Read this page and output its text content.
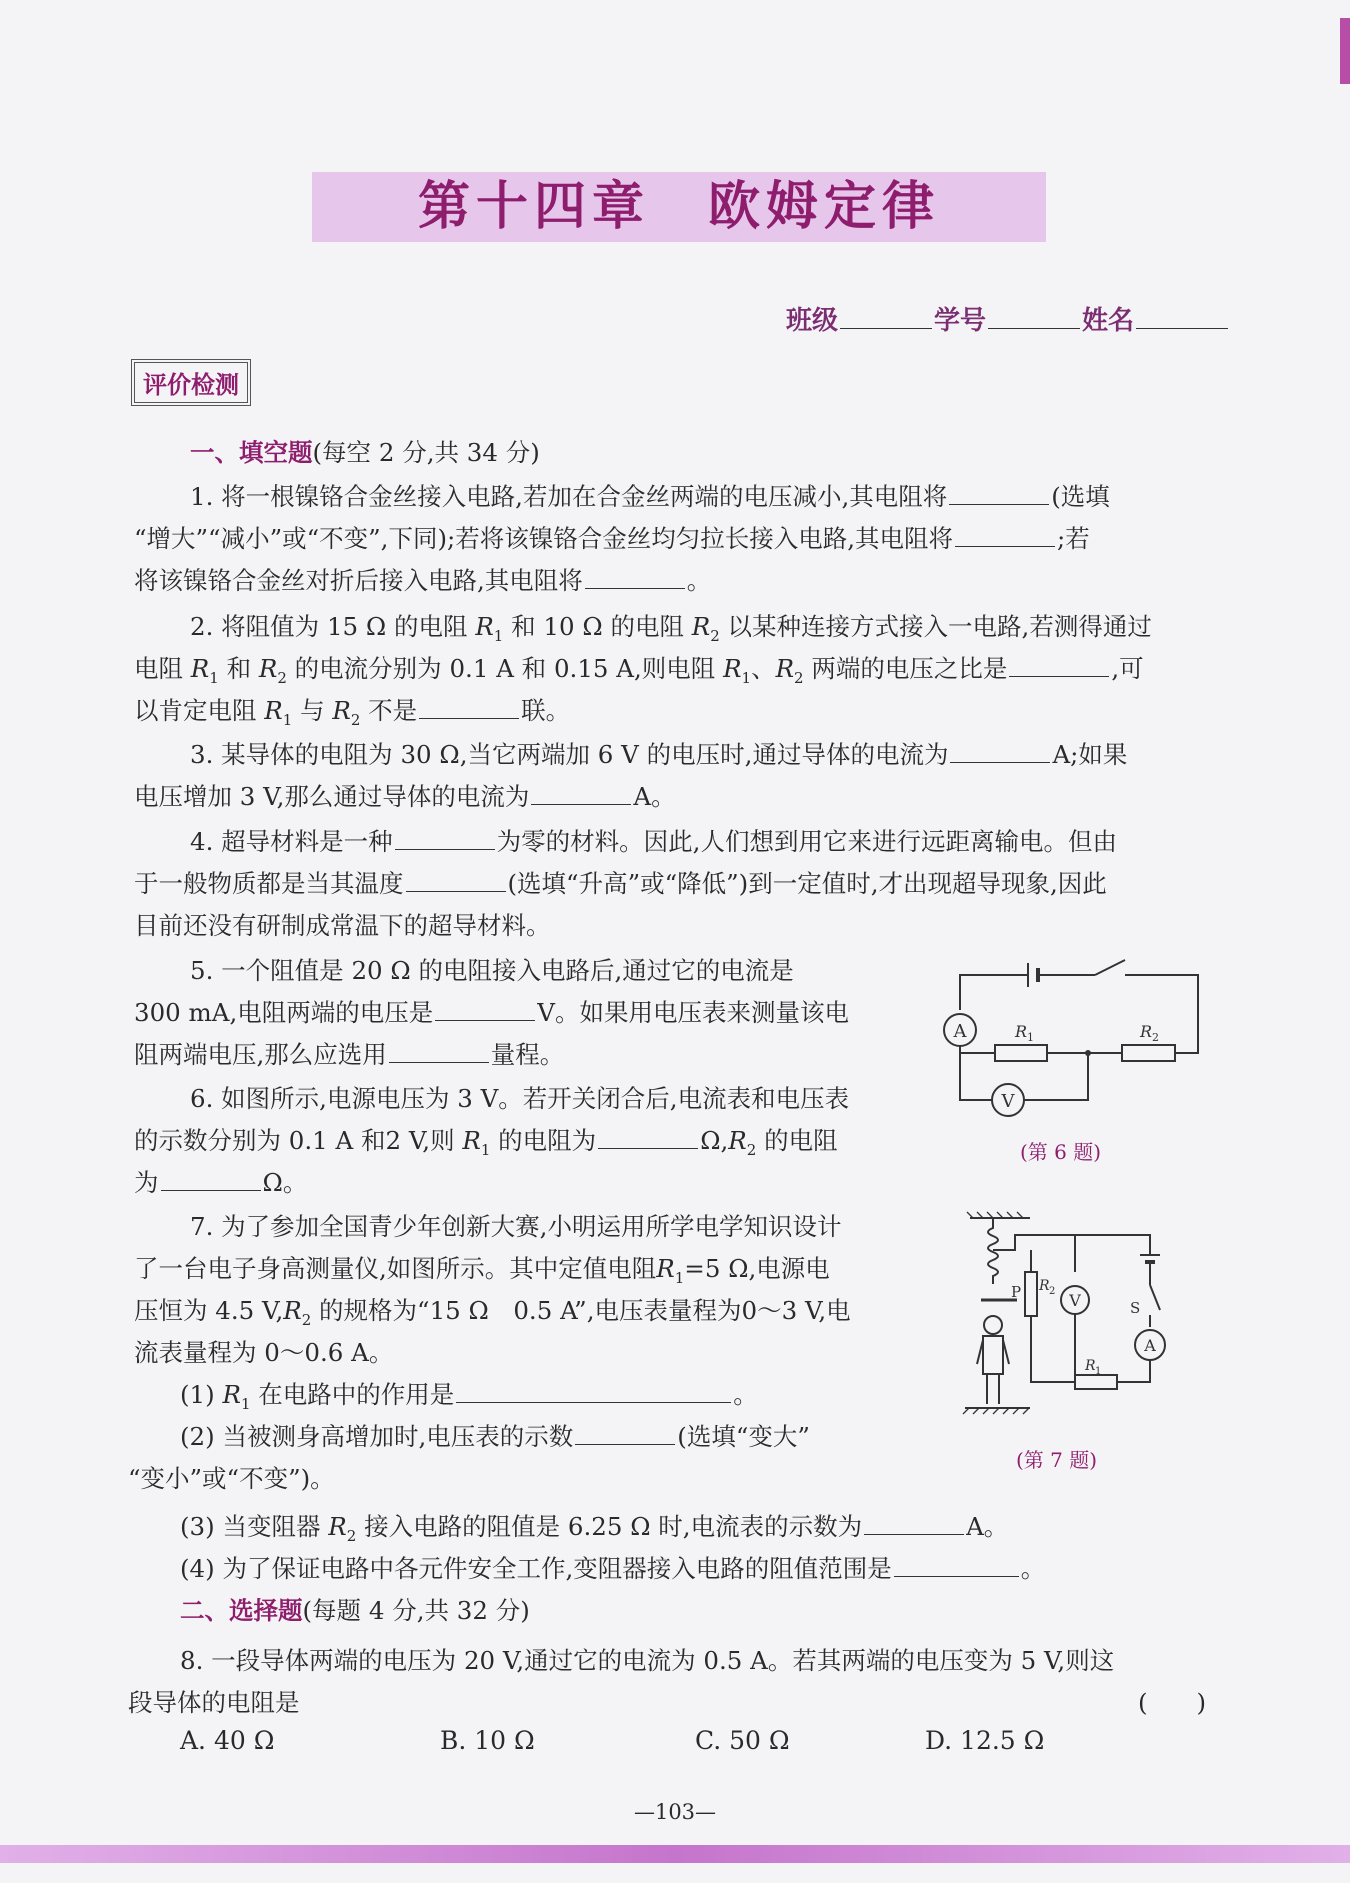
第十四章　欧姆定律
班级	学号	姓名
评价检测
一、填空题(每空 2 分,共 34 分)
1. 将一根镍铬合金丝接入电路,若加在合金丝两端的电压减小,其电阻将	(选填
“增大”“减小”或“不变”,下同);若将该镍铬合金丝均匀拉长接入电路,其电阻将	;若
将该镍铬合金丝对折后接入电路,其电阻将	。
2. 将阻值为 15 Ω 的电阻 $R_1$ 和 10 Ω 的电阻 $R_2$ 以某种连接方式接入一电路,若测得通过
电阻 $R_1$ 和 $R_2$ 的电流分别为 0.1 A 和 0.15 A,则电阻 $R_1$、$R_2$ 两端的电压之比是	,可
以肯定电阻 $R_1$ 与 $R_2$ 不是	联。
3. 某导体的电阻为 30 Ω,当它两端加 6 V 的电压时,通过导体的电流为	A;如果
电压增加 3 V,那么通过导体的电流为	A。
4. 超导材料是一种	为零的材料。因此,人们想到用它来进行远距离输电。但由
于一般物质都是当其温度	(选填“升高”或“降低”)到一定值时,才出现超导现象,因此
目前还没有研制成常温下的超导材料。
5. 一个阻值是 20 Ω 的电阻接入电路后,通过它的电流是
300 mA,电阻两端的电压是	V。如果用电压表来测量该电
阻两端电压,那么应选用	量程。
6. 如图所示,电源电压为 3 V。若开关闭合后,电流表和电压表
的示数分别为 0.1 A 和2 V,则 $R_1$ 的电阻为	$\Omega,R_2$ 的电阻
为	Ω。
A
V
R 1	R 2
(第 6 题)
7. 为了参加全国青少年创新大赛,小明运用所学电学知识设计
了一台电子身高测量仪,如图所示。其中定值电阻$R_1=5$ Ω,电源电
压恒为 4.5 $V,R_2$ 的规格为“15 Ω　0.5 A”,电压表量程为0～3 V,电
流表量程为 0～0.6 A。
(1) $R_1$ 在电路中的作用是	。
(2) 当被测身高增加时,电压表的示数	(选填“变大”
“变小”或“不变”)。
(3) 当变阻器 $R_2$ 接入电路的阻值是 6.25 Ω 时,电流表的示数为	A。
(4) 为了保证电路中各元件安全工作,变阻器接入电路的阻值范围是	。
P R 2 V	S
A
R 1
(第 7 题)
二、选择题(每题 4 分,共 32 分)
8. 一段导体两端的电压为 20 V,通过它的电流为 0.5 A。若其两端的电压变为 5 V,则这
段导体的电阻是	(　　)
A. 40 Ω	B. 10 Ω	C. 50 Ω	D. 12.5 Ω
—103—
